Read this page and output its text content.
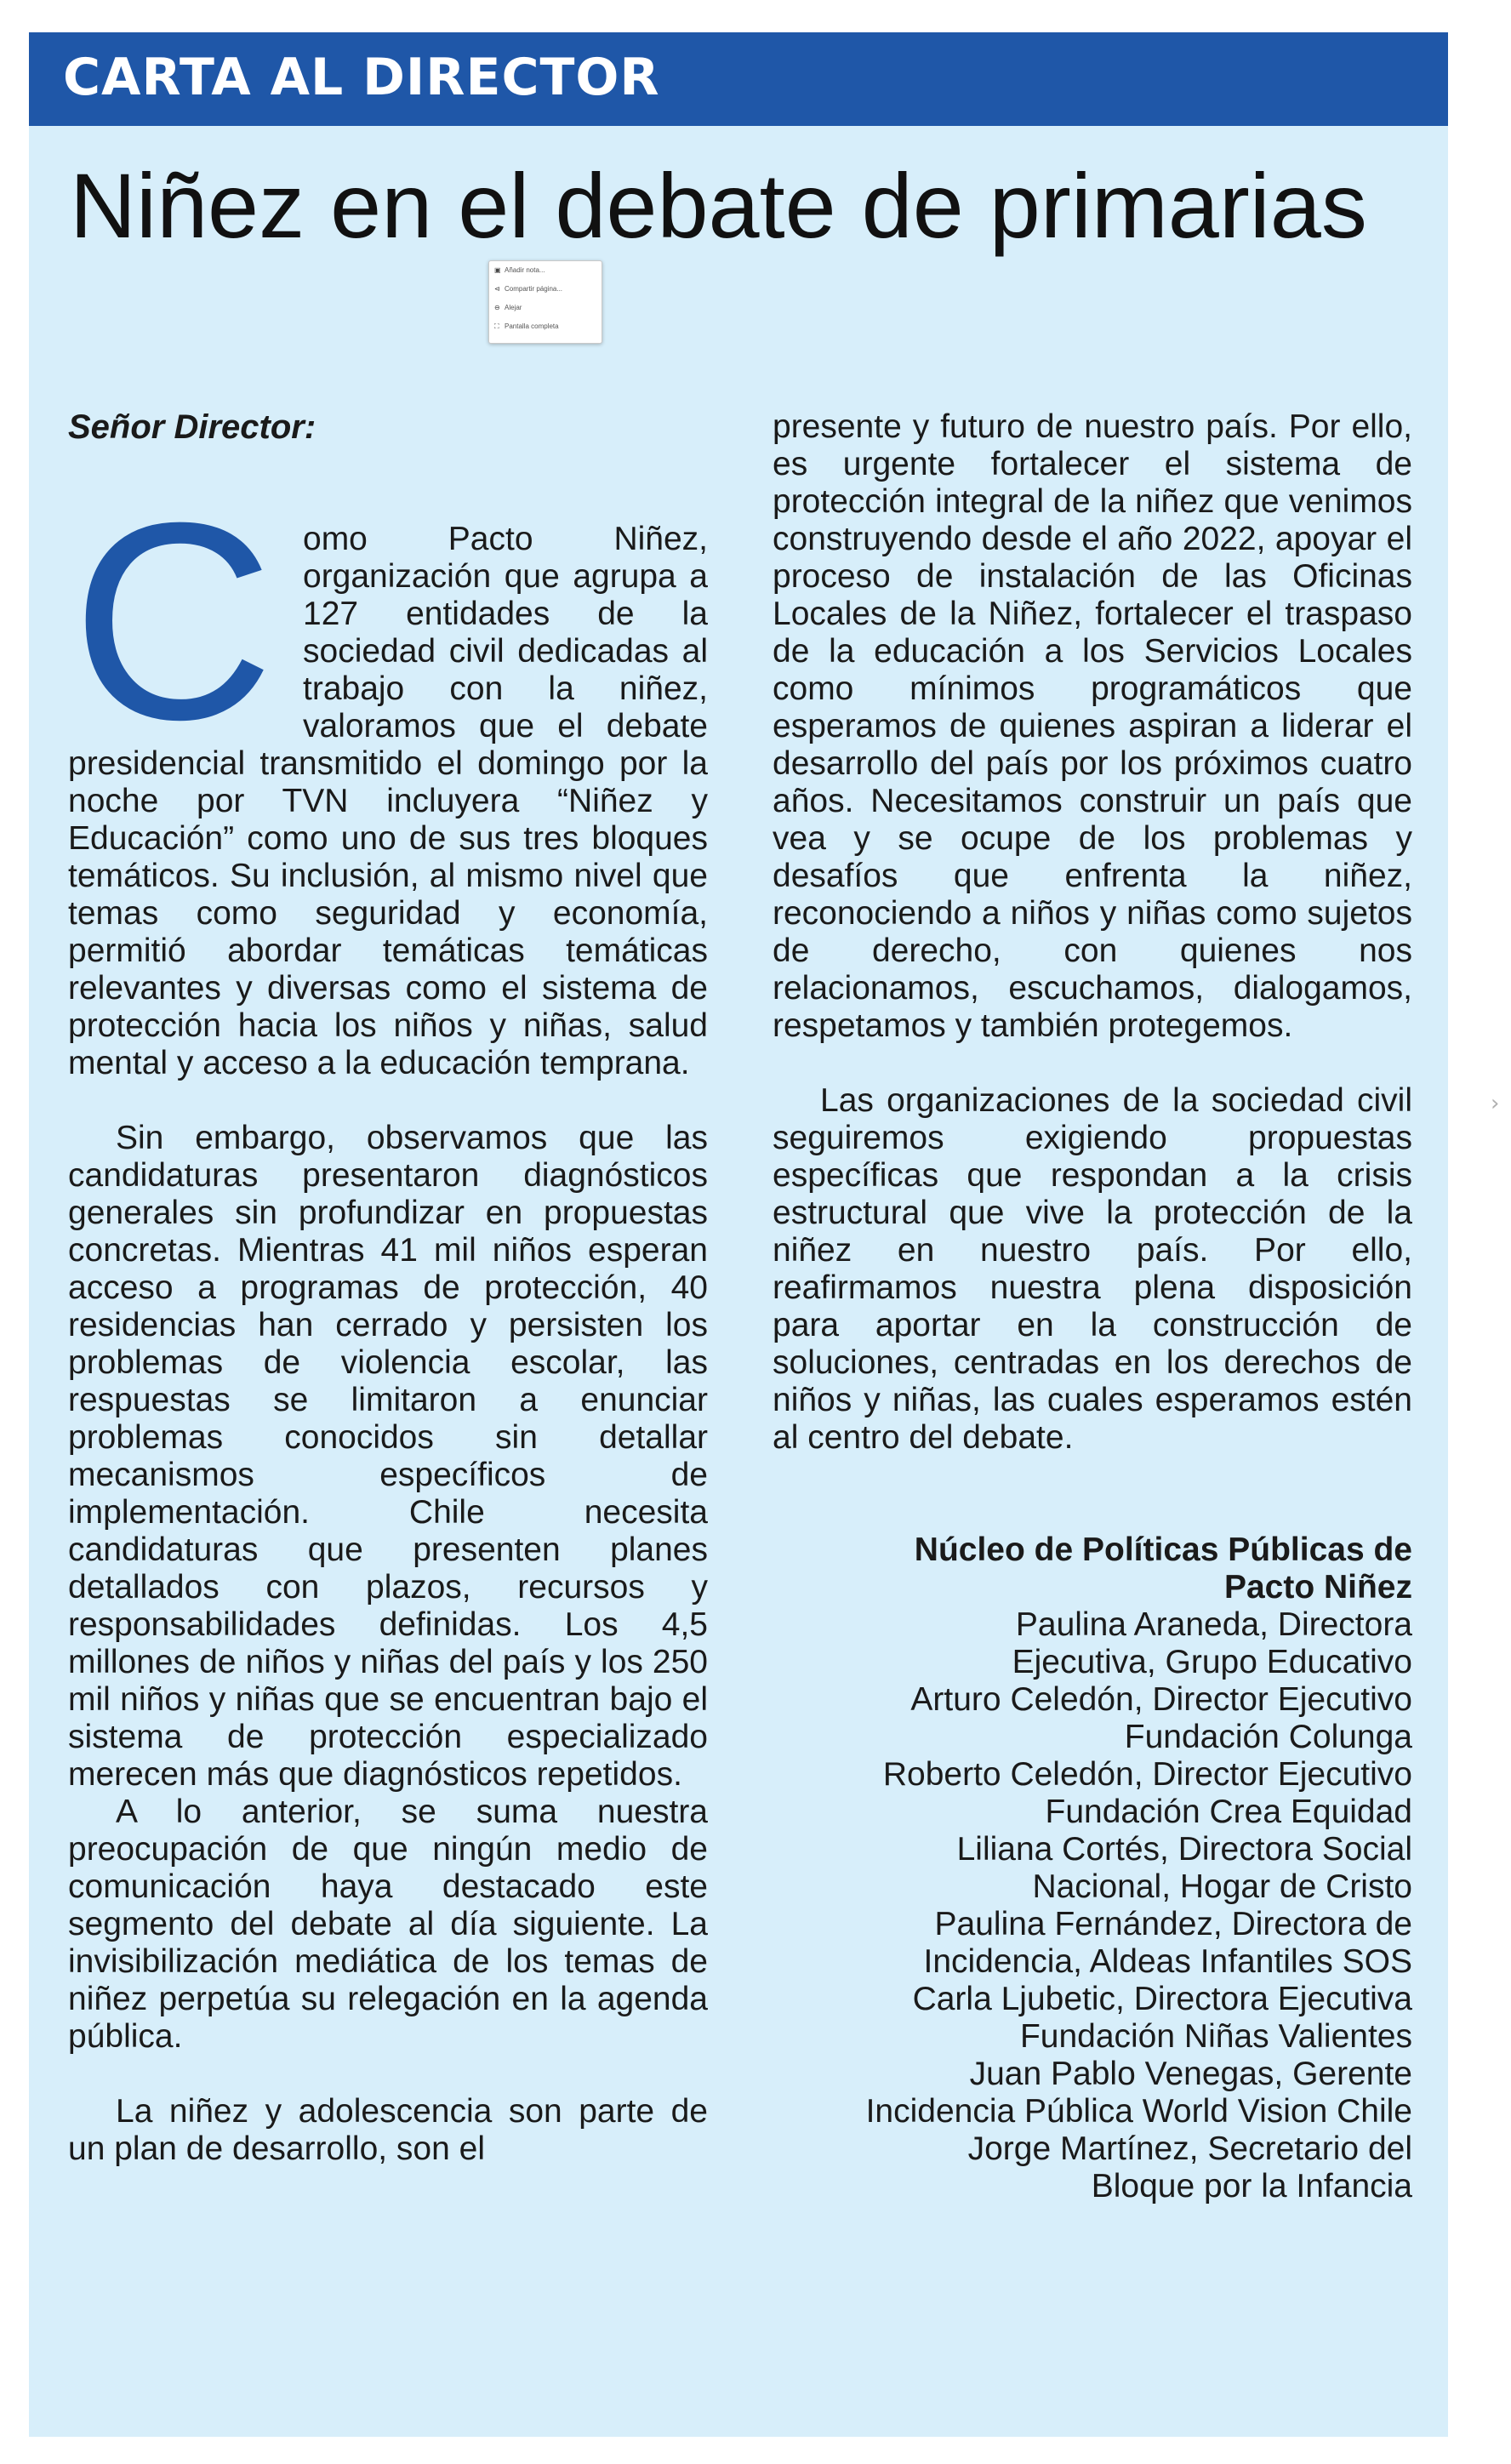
CARTA AL DIRECTOR
Niñez en el debate de primarias
▣ Añadir nota...
⊲ Compartir página...
⊖ Alejar
⛶ Pantalla completa

Señor Director:

C omo Pacto Niñez, organización que agrupa a 127 entidades de la sociedad civil dedicadas al trabajo con la niñez, valoramos que el debate presidencial transmitido el domingo por la noche por TVN incluyera “Niñez y Educación” como uno de sus tres bloques temáticos. Su inclusión, al mismo nivel que temas como seguridad y economía, permitió abordar temáticas temáticas relevantes y diversas como el sistema de protección hacia los niños y niñas, salud mental y acceso a la educación temprana.

Sin embargo, observamos que las candidaturas presentaron diagnósticos generales sin profundizar en propuestas concretas. Mientras 41 mil niños esperan acceso a programas de protección, 40 residencias han cerrado y persisten los problemas de violencia escolar, las respuestas se limitaron a enunciar problemas conocidos sin detallar mecanismos específicos de implementación. Chile necesita candidaturas que presenten planes detallados con plazos, recursos y responsabilidades definidas. Los 4,5 millones de niños y niñas del país y los 250 mil niños y niñas que se encuentran bajo el sistema de protección especializado merecen más que diagnósticos repetidos.

A lo anterior, se suma nuestra preocupación de que ningún medio de comunicación haya destacado este segmento del debate al día siguiente. La invisibilización mediática de los temas de niñez perpetúa su relegación en la agenda pública.

La niñez y adolescencia son parte de un plan de desarrollo, son el

presente y futuro de nuestro país. Por ello, es urgente fortalecer el sistema de protección integral de la niñez que venimos construyendo desde el año 2022, apoyar el proceso de instalación de las Oficinas Locales de la Niñez, fortalecer el traspaso de la educación a los Servicios Locales como mínimos programáticos que esperamos de quienes aspiran a liderar el desarrollo del país por los próximos cuatro años. Necesitamos construir un país que vea y se ocupe de los problemas y desafíos que enfrenta la niñez, reconociendo a niños y niñas como sujetos de derecho, con quienes nos relacionamos, escuchamos, dialogamos, respetamos y también protegemos.

Las organizaciones de la sociedad civil seguiremos exigiendo propuestas específicas que respondan a la crisis estructural que vive la protección de la niñez en nuestro país. Por ello, reafirmamos nuestra plena disposición para aportar en la construcción de soluciones, centradas en los derechos de niños y niñas, las cuales esperamos estén al centro del debate.

Núcleo de Políticas Públicas de

Pacto Niñez

Paulina Araneda, Directora

Ejecutiva, Grupo Educativo

Arturo Celedón, Director Ejecutivo

Fundación Colunga

Roberto Celedón, Director Ejecutivo

Fundación Crea Equidad

Liliana Cortés, Directora Social

Nacional, Hogar de Cristo

Paulina Fernández, Directora de

Incidencia, Aldeas Infantiles SOS

Carla Ljubetic, Directora Ejecutiva

Fundación Niñas Valientes

Juan Pablo Venegas, Gerente

Incidencia Pública World Vision Chile

Jorge Martínez, Secretario del

Bloque por la Infancia

›
